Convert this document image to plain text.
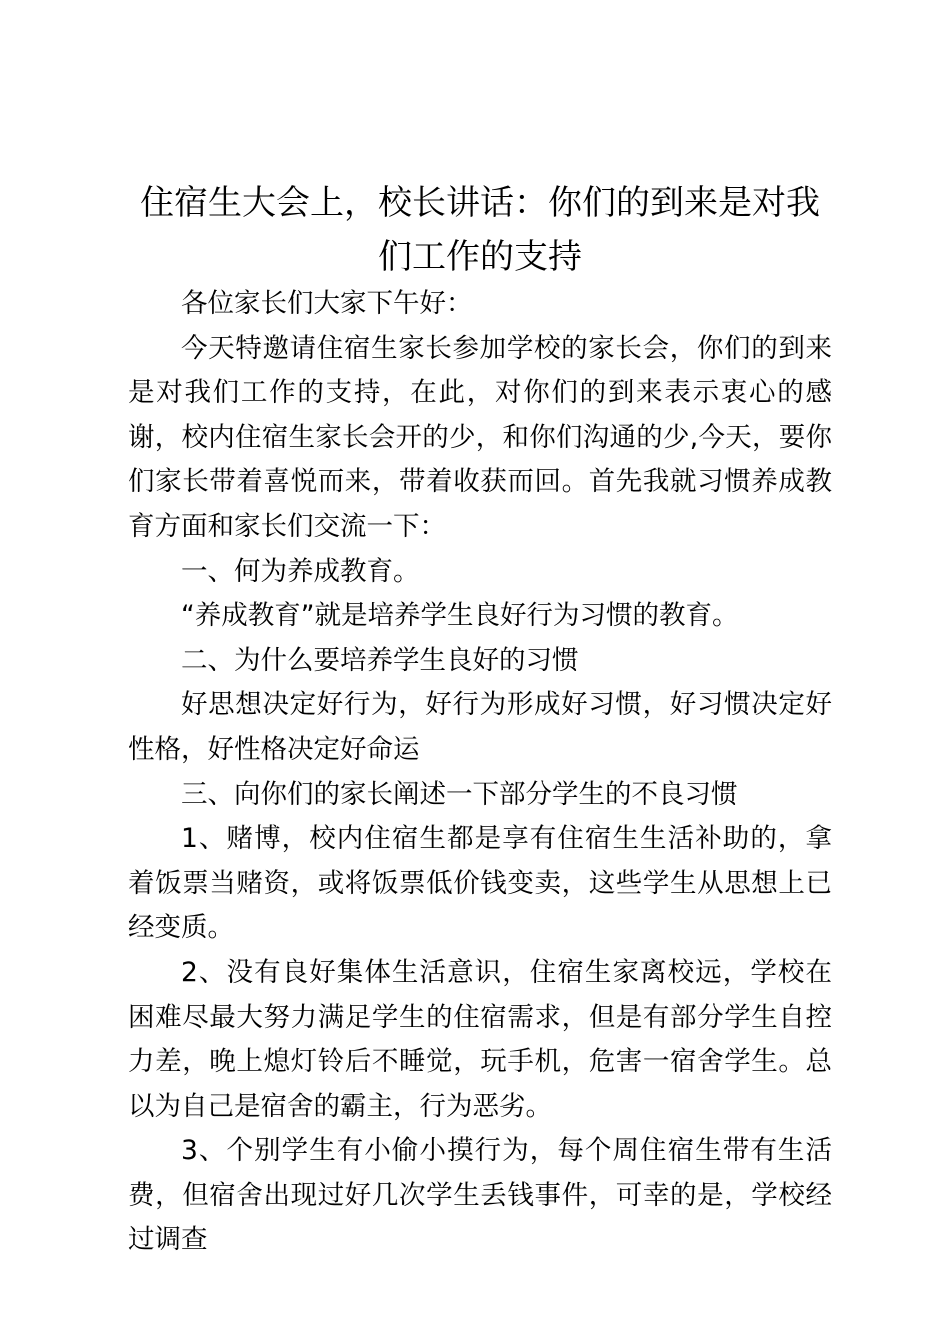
住宿生大会上，校长讲话：你们的到来是对我们工作的支持

各位家长们大家下午好：

今天特邀请住宿生家长参加学校的家长会，你们的到来是对我们工作的支持，在此，对你们的到来表示衷心的感谢，校内住宿生家长会开的少，和你们沟通的少,今天，要你们家长带着喜悦而来，带着收获而回。首先我就习惯养成教育方面和家长们交流一下：

一、何为养成教育。

“养成教育”就是培养学生良好行为习惯的教育。

二、为什么要培养学生良好的习惯

好思想决定好行为，好行为形成好习惯，好习惯决定好性格，好性格决定好命运

三、向你们的家长阐述一下部分学生的不良习惯

1、赌博，校内住宿生都是享有住宿生生活补助的，拿着饭票当赌资，或将饭票低价钱变卖，这些学生从思想上已经变质。

2、没有良好集体生活意识，住宿生家离校远，学校在困难尽最大努力满足学生的住宿需求，但是有部分学生自控力差，晚上熄灯铃后不睡觉，玩手机，危害一宿舍学生。总以为自己是宿舍的霸主，行为恶劣。

3、个别学生有小偷小摸行为，每个周住宿生带有生活费，但宿舍出现过好几次学生丢钱事件，可幸的是，学校经过调查
